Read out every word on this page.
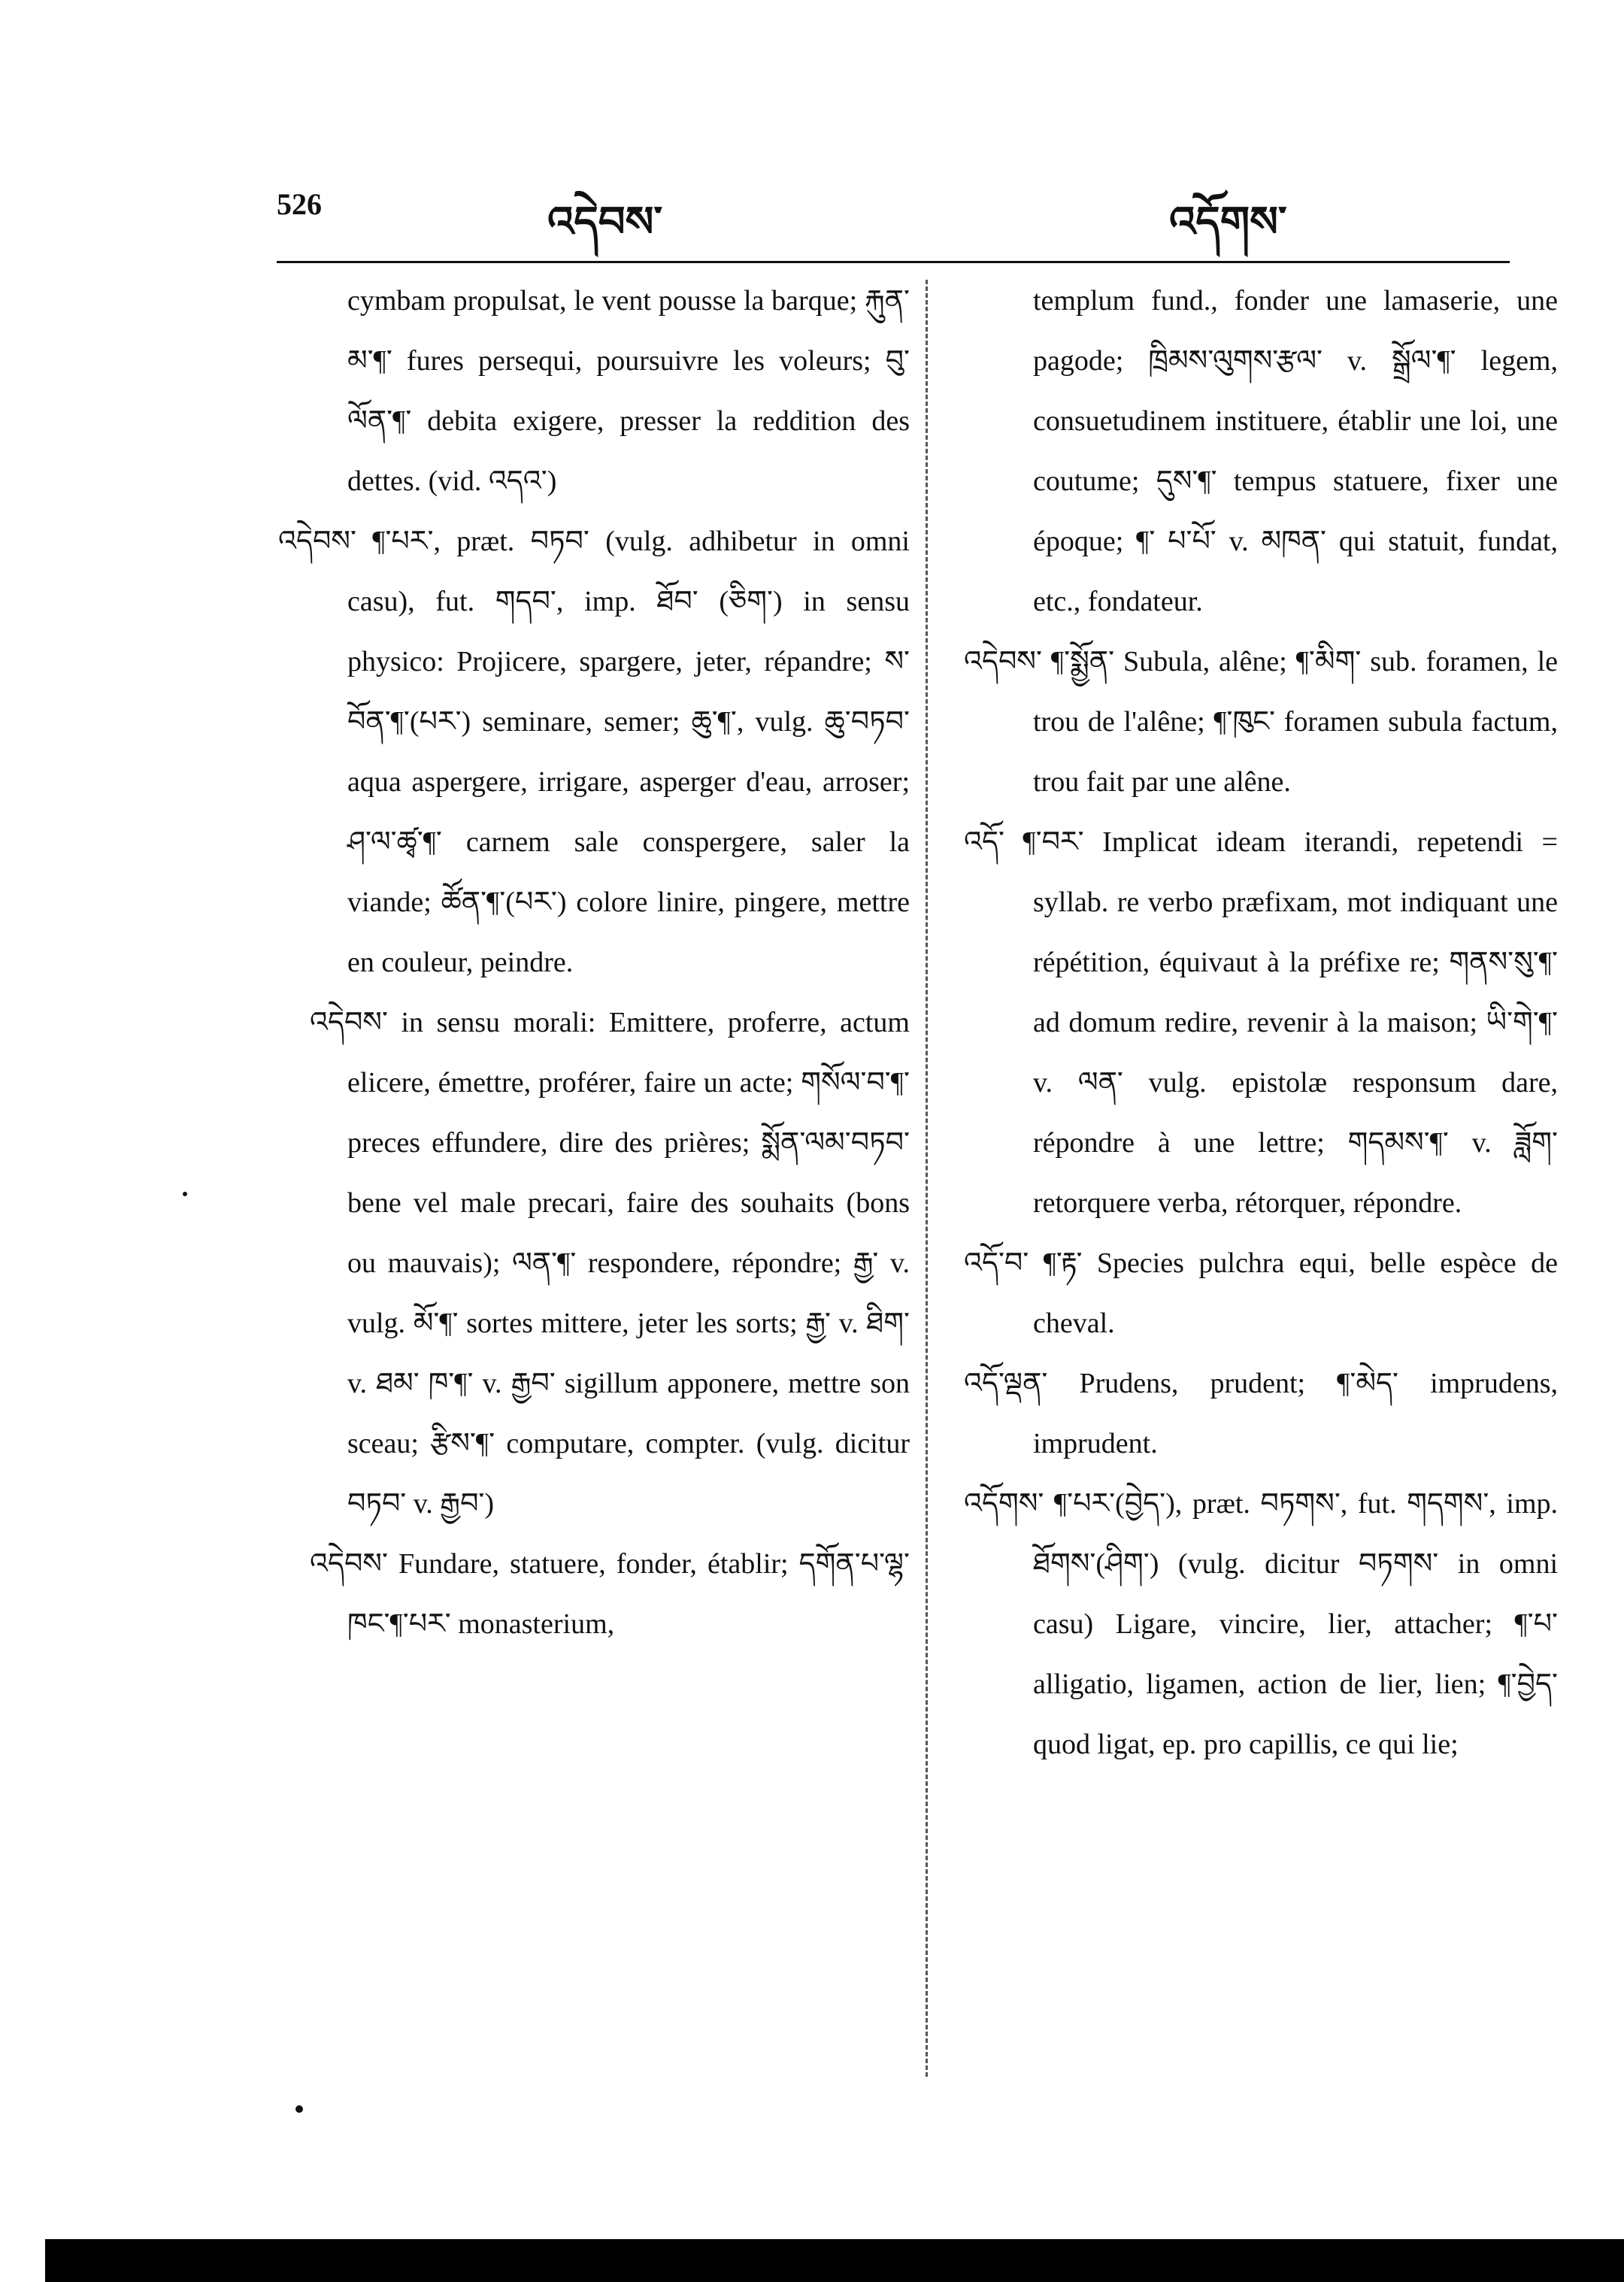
526	འདེབས་	འདོགས་

cymbam propulsat, le vent pousse la barque; རྐུན་མ་¶་ fures persequi, poursuivre les voleurs; བུ་ལོན་¶་ debita exigere, presser la reddition des dettes. (vid. འདའ་)

འདེབས་ ¶་པར་, præt. བཏབ་ (vulg. adhibetur in omni casu), fut. གདབ་, imp. ཐོབ་ (ཅིག་) in sensu physico: Projicere, spargere, jeter, répandre; ས་བོན་¶་(པར་) seminare, semer; ཆུ་¶་, vulg. ཆུ་བཏབ་ aqua aspergere, irrigare, asperger d'eau, arroser; ཤ་ལ་ཚྭ་¶་ carnem sale conspergere, saler la viande; ཚོན་¶་(པར་) colore linire, pingere, mettre en couleur, peindre.

འདེབས་ in sensu morali: Emittere, proferre, actum elicere, émettre, proférer, faire un acte; གསོལ་བ་¶་ preces effundere, dire des prières; སྨོན་ལམ་བཏབ་ bene vel male precari, faire des souhaits (bons ou mauvais); ལན་¶་ respondere, répondre; རྒྱ་ v. vulg. མོ་¶་ sortes mittere, jeter les sorts; རྒྱ་ v. ཐིག་ v. ཐམ་ ཁ་¶་ v. རྒྱབ་ sigillum apponere, mettre son sceau; རྩིས་¶་ computare, compter. (vulg. dicitur བཏབ་ v. རྒྱབ་)

འདེབས་ Fundare, statuere, fonder, établir; དགོན་པ་ལྷ་ཁང་¶་པར་ monasterium,

templum fund., fonder une lamaserie, une pagode; ཁྲིམས་ལུགས་རྩལ་ v. སྒྲོལ་¶་ legem, consuetudinem instituere, établir une loi, une coutume; དུས་¶་ tempus statuere, fixer une époque; ¶་ པ་པོ་ v. མཁན་ qui statuit, fundat, etc., fondateur.

འདེབས་ ¶་སྨྱོན་ Subula, alêne; ¶་མིག་ sub. foramen, le trou de l'alêne; ¶་ཁུང་ foramen subula factum, trou fait par une alêne.

འདོ་ ¶་བར་ Implicat ideam iterandi, repetendi = syllab. re verbo præfixam, mot indiquant une répétition, équivaut à la préfixe re; གནས་སུ་¶་ ad domum redire, revenir à la maison; ཡི་གེ་¶་ v. ལན་ vulg. epistolæ responsum dare, répondre à une lettre; གདམས་¶་ v. ཟློག་ retorquere verba, rétorquer, répondre.

འདོ་བ་ ¶་རྟ་ Species pulchra equi, belle espèce de cheval.

འདོ་ལྡན་ Prudens, prudent; ¶་མེད་ imprudens, imprudent.

འདོགས་ ¶་པར་(བྱེད་), præt. བཏགས་, fut. གདགས་, imp. ཐོགས་(ཤིག་) (vulg. dicitur བཏགས་ in omni casu) Ligare, vincire, lier, attacher; ¶་པ་ alligatio, ligamen, action de lier, lien; ¶་བྱེད་ quod ligat, ep. pro capillis, ce qui lie;
